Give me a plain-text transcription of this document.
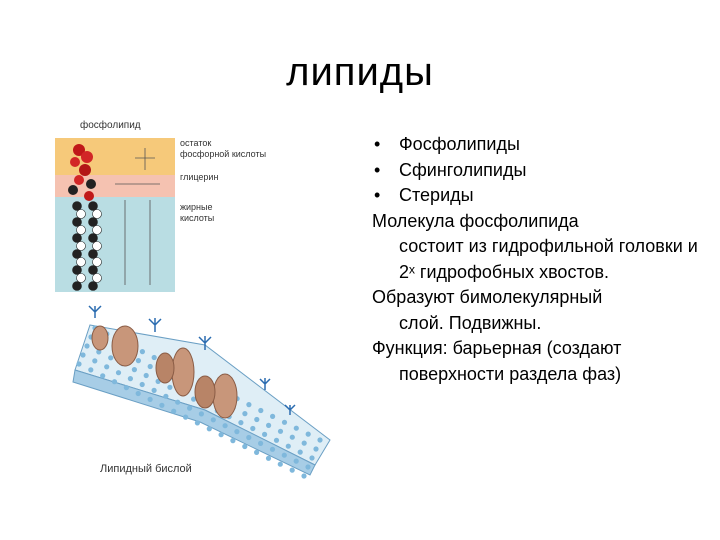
липиды
фосфолипид
остаток
фосфорной кислоты
глицерин
жирные
кислоты
Липидный бислой
• Фосфолипиды
• Сфинголипиды
• Стериды
Молекула фосфолипида
состоит из гидрофильной головки и 2ˣ гидрофобных хвостов.
Образуют бимолекулярный
слой. Подвижны.
Функция: барьерная (создают
поверхности раздела фаз)
